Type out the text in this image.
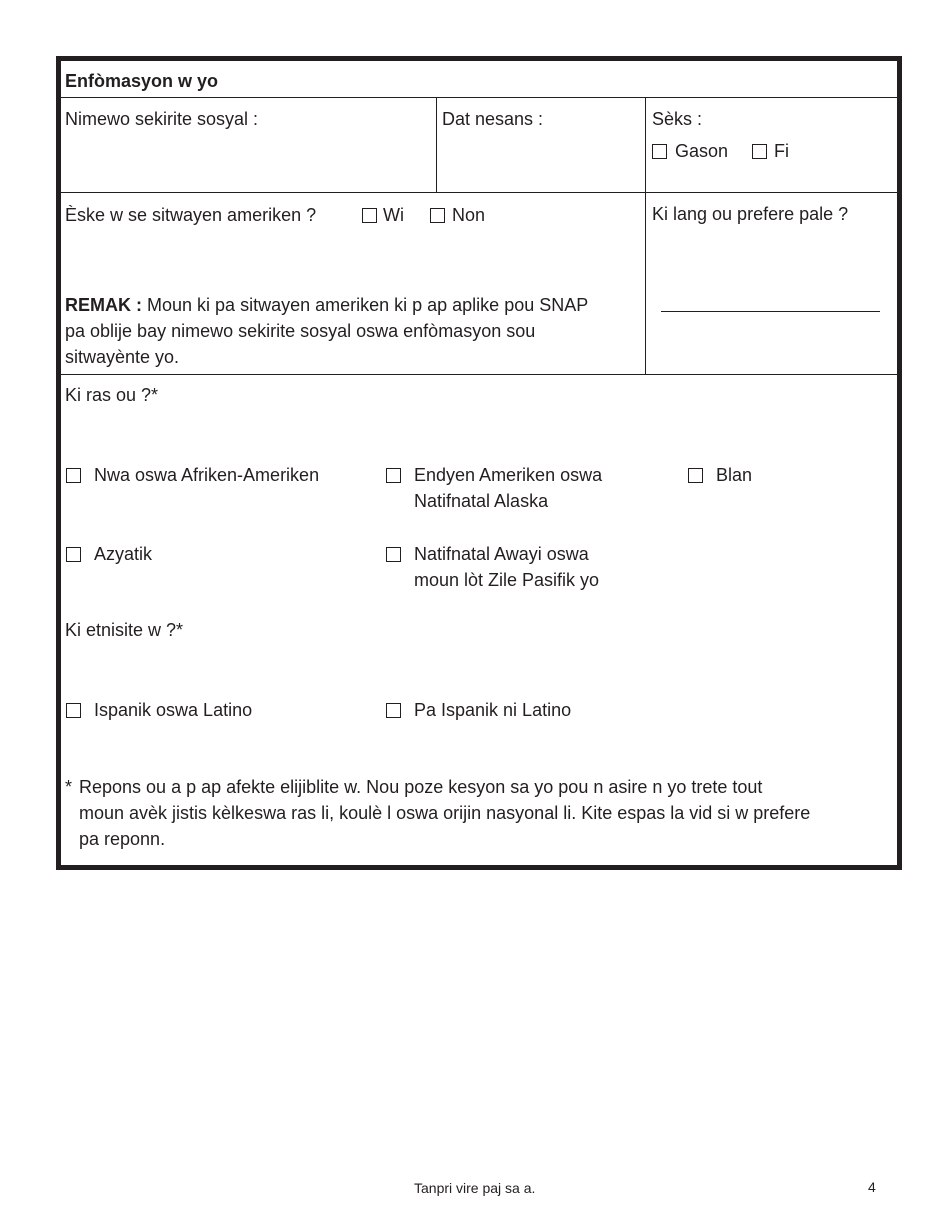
Enfòmasyon w yo
Nimewo sekirite sosyal :	Dat nesans :	Sèks :
Gason	Fi
Èske w se sitwayen ameriken ?	Wi	Non
REMAK : Moun ki pa sitwayen ameriken ki p ap aplike pou SNAP
pa oblije bay nimewo sekirite sosyal oswa enfòmasyon sou
sitwayènte yo.
Ki lang ou prefere pale ?
Ki ras ou ?*
Nwa oswa Afriken-Ameriken	Endyen Ameriken oswa
Natifnatal Alaska
Blan
Azyatik	Natifnatal Awayi oswa
moun lòt Zile Pasifik yo
Ki etnisite w ?*
Ispanik oswa Latino	Pa Ispanik ni Latino
* Repons ou a p ap afekte elijiblite w. Nou poze kesyon sa yo pou n asire n yo trete tout
moun avèk jistis kèlkeswa ras li, koulè l oswa orijin nasyonal li. Kite espas la vid si w prefere
pa reponn.
Tanpri vire paj sa a.	4
